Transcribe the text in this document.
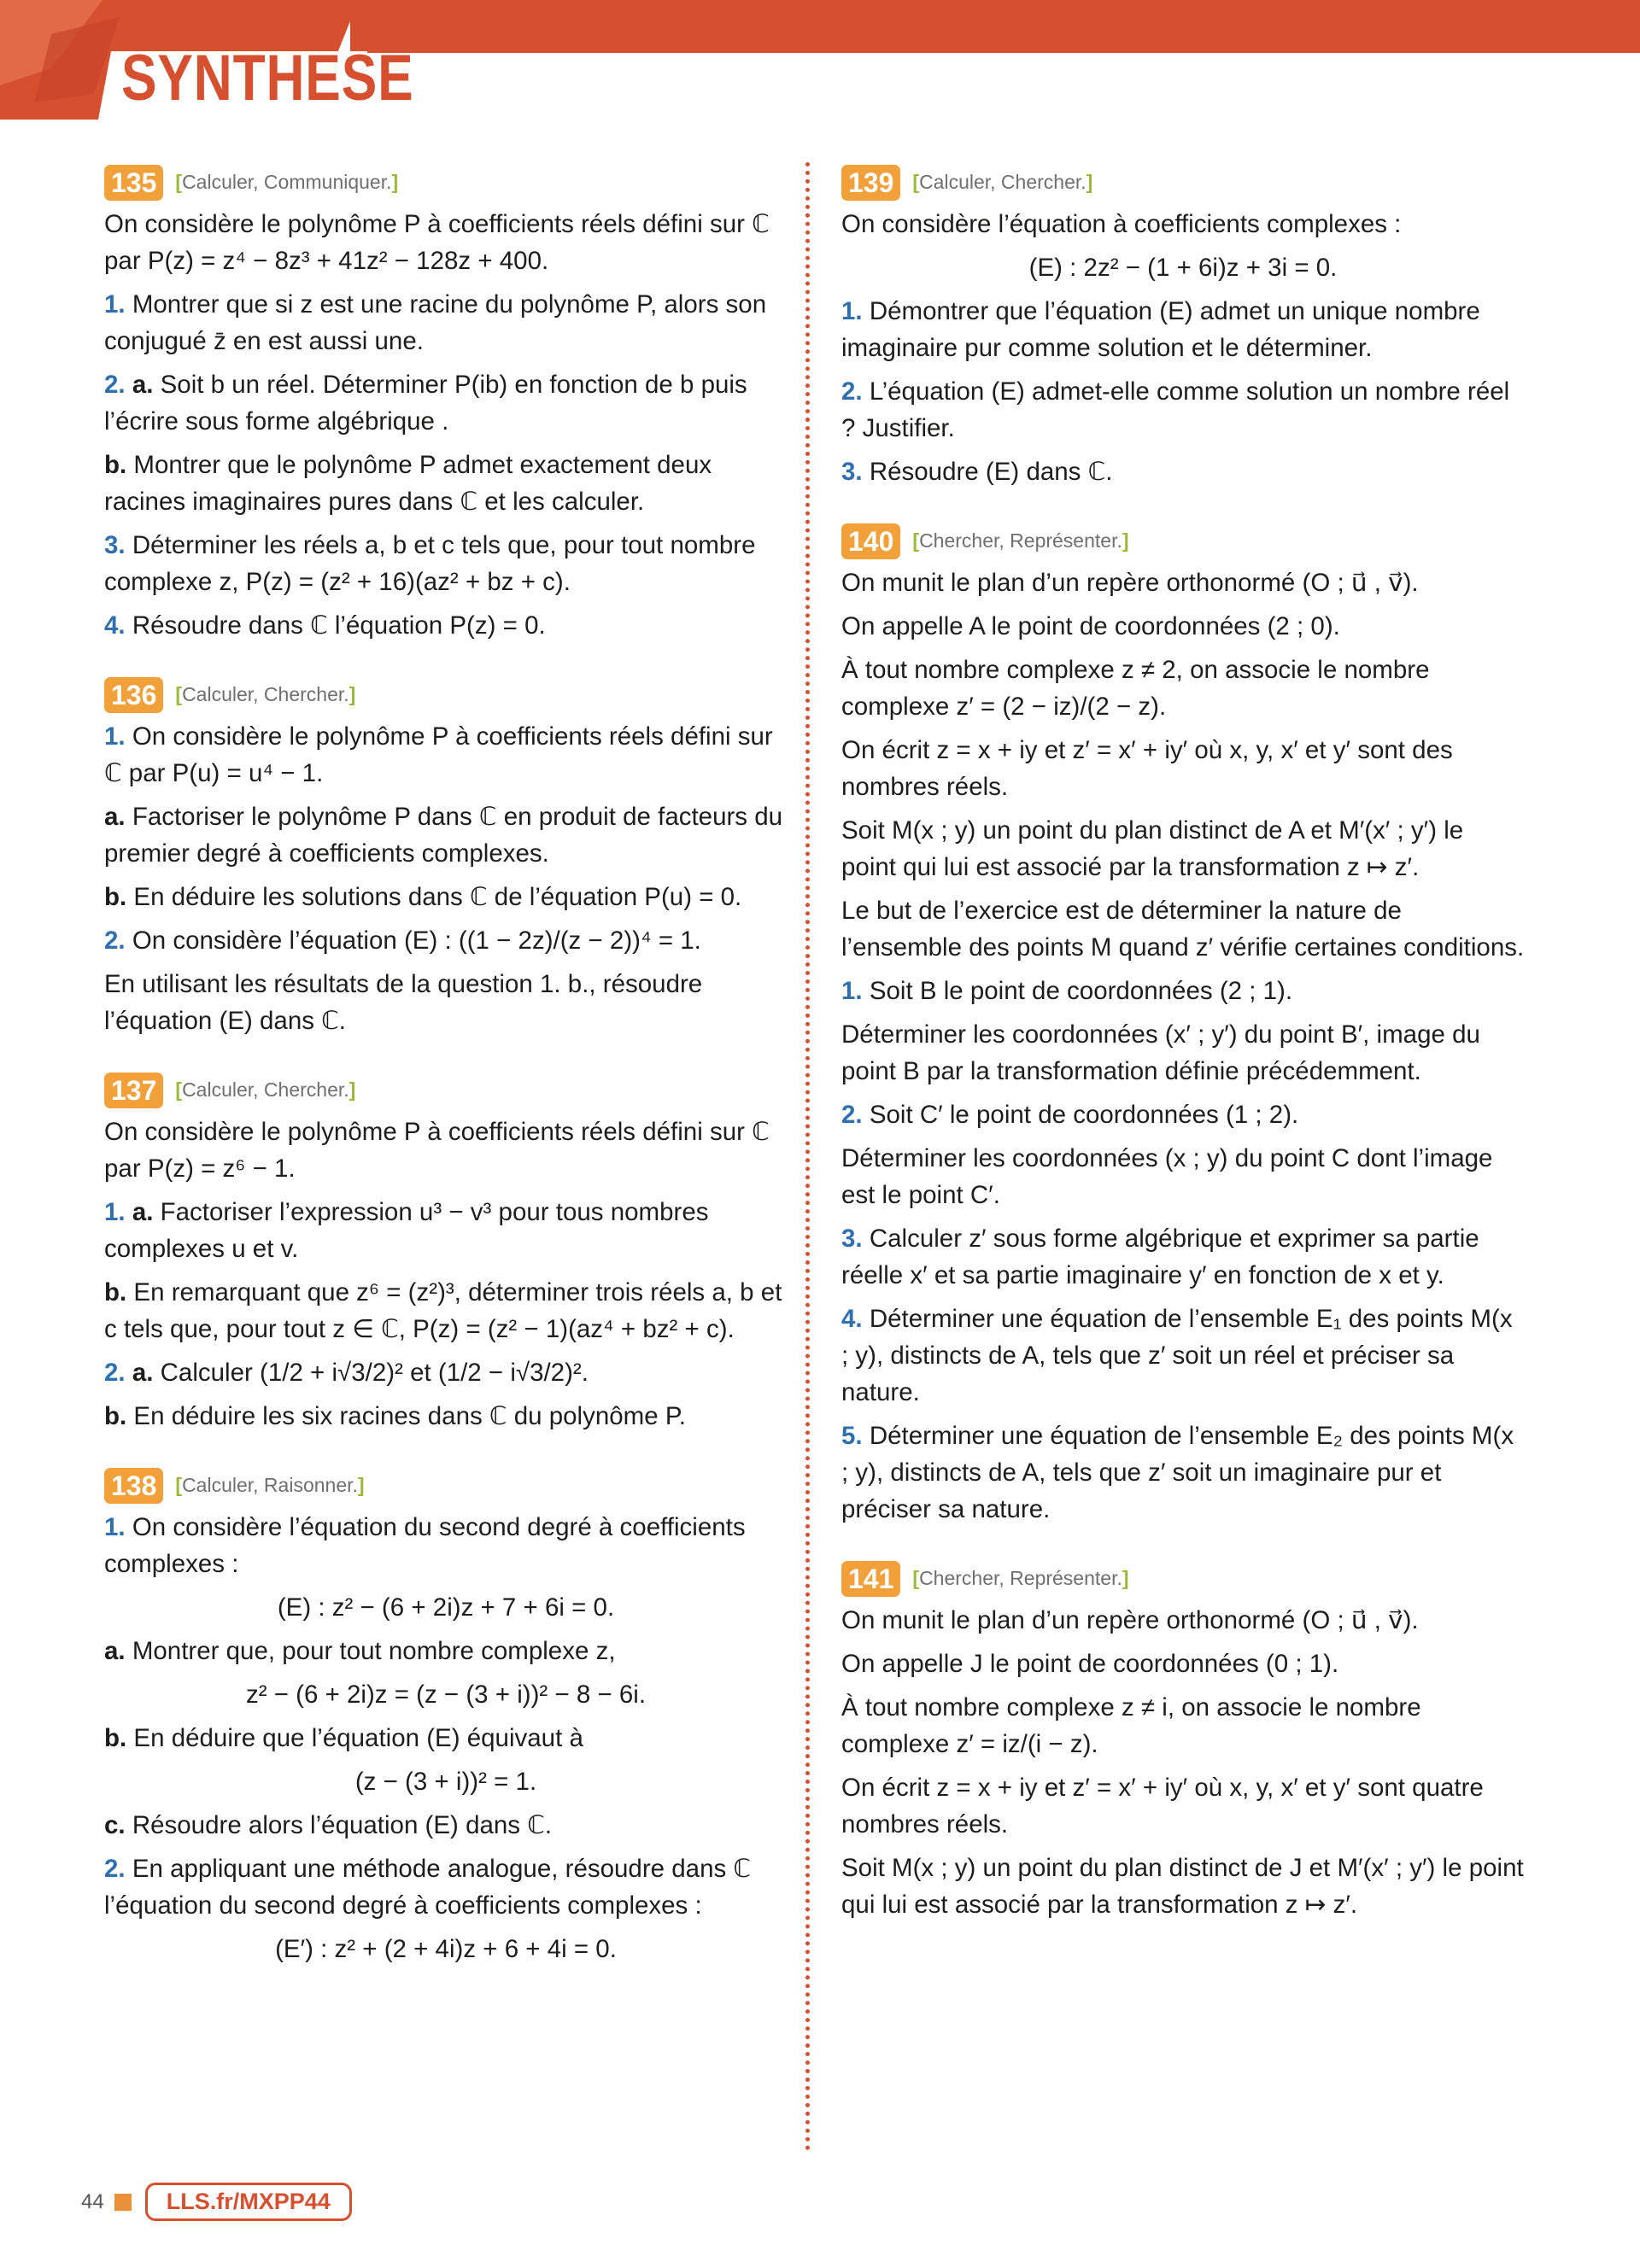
SYNTHÈSE
135 [Calculer, Communiquer.]

On considère le polynôme P à coefficients réels défini sur ℂ par P(z) = z⁴ − 8z³ + 41z² − 128z + 400.

1. Montrer que si z est une racine du polynôme P, alors son conjugué z̄ en est aussi une.

2. a. Soit b un réel. Déterminer P(ib) en fonction de b puis l’écrire sous forme algébrique .

b. Montrer que le polynôme P admet exactement deux racines imaginaires pures dans ℂ et les calculer.

3. Déterminer les réels a, b et c tels que, pour tout nombre complexe z, P(z) = (z² + 16)(az² + bz + c).

4. Résoudre dans ℂ l’équation P(z) = 0.

136 [Calculer, Chercher.]

1. On considère le polynôme P à coefficients réels défini sur ℂ par P(u) = u⁴ − 1.

a. Factoriser le polynôme P dans ℂ en produit de facteurs du premier degré à coefficients complexes.

b. En déduire les solutions dans ℂ de l’équation P(u) = 0.

2. On considère l’équation (E) : ((1 − 2z)/(z − 2))⁴ = 1.

En utilisant les résultats de la question 1. b., résoudre l’équation (E) dans ℂ.

137 [Calculer, Chercher.]

On considère le polynôme P à coefficients réels défini sur ℂ par P(z) = z⁶ − 1.

1. a. Factoriser l’expression u³ − v³ pour tous nombres complexes u et v.

b. En remarquant que z⁶ = (z²)³, déterminer trois réels a, b et c tels que, pour tout z ∈ ℂ, P(z) = (z² − 1)(az⁴ + bz² + c).

2. a. Calculer (1/2 + i√3/2)² et (1/2 − i√3/2)².

b. En déduire les six racines dans ℂ du polynôme P.

138 [Calculer, Raisonner.]

1. On considère l’équation du second degré à coefficients complexes :

(E) : z² − (6 + 2i)z + 7 + 6i = 0.

a. Montrer que, pour tout nombre complexe z,

z² − (6 + 2i)z = (z − (3 + i))² − 8 − 6i.

b. En déduire que l’équation (E) équivaut à

(z − (3 + i))² = 1.

c. Résoudre alors l’équation (E) dans ℂ.

2. En appliquant une méthode analogue, résoudre dans ℂ l’équation du second degré à coefficients complexes :

(E′) : z² + (2 + 4i)z + 6 + 4i = 0.

139 [Calculer, Chercher.]

On considère l’équation à coefficients complexes :

(E) : 2z² − (1 + 6i)z + 3i = 0.

1. Démontrer que l’équation (E) admet un unique nombre imaginaire pur comme solution et le déterminer.

2. L’équation (E) admet-elle comme solution un nombre réel ? Justifier.

3. Résoudre (E) dans ℂ.

140 [Chercher, Représenter.]

On munit le plan d’un repère orthonormé (O ; u⃗ , v⃗).

On appelle A le point de coordonnées (2 ; 0).

À tout nombre complexe z ≠ 2, on associe le nombre complexe z′ = (2 − iz)/(2 − z).

On écrit z = x + iy et z′ = x′ + iy′ où x, y, x′ et y′ sont des nombres réels.

Soit M(x ; y) un point du plan distinct de A et M′(x′ ; y′) le point qui lui est associé par la transformation z ↦ z′.

Le but de l’exercice est de déterminer la nature de l’ensemble des points M quand z′ vérifie certaines conditions.

1. Soit B le point de coordonnées (2 ; 1).

Déterminer les coordonnées (x′ ; y′) du point B′, image du point B par la transformation définie précédemment.

2. Soit C′ le point de coordonnées (1 ; 2).

Déterminer les coordonnées (x ; y) du point C dont l’image est le point C′.

3. Calculer z′ sous forme algébrique et exprimer sa partie réelle x′ et sa partie imaginaire y′ en fonction de x et y.

4. Déterminer une équation de l’ensemble E₁ des points M(x ; y), distincts de A, tels que z′ soit un réel et préciser sa nature.

5. Déterminer une équation de l’ensemble E₂ des points M(x ; y), distincts de A, tels que z′ soit un imaginaire pur et préciser sa nature.

141 [Chercher, Représenter.]

On munit le plan d’un repère orthonormé (O ; u⃗ , v⃗).

On appelle J le point de coordonnées (0 ; 1).

À tout nombre complexe z ≠ i, on associe le nombre complexe z′ = iz/(i − z).

On écrit z = x + iy et z′ = x′ + iy′ où x, y, x′ et y′ sont quatre nombres réels.

Soit M(x ; y) un point du plan distinct de J et M′(x′ ; y′) le point qui lui est associé par la transformation z ↦ z′.

44	LLS.fr/MXPP44
